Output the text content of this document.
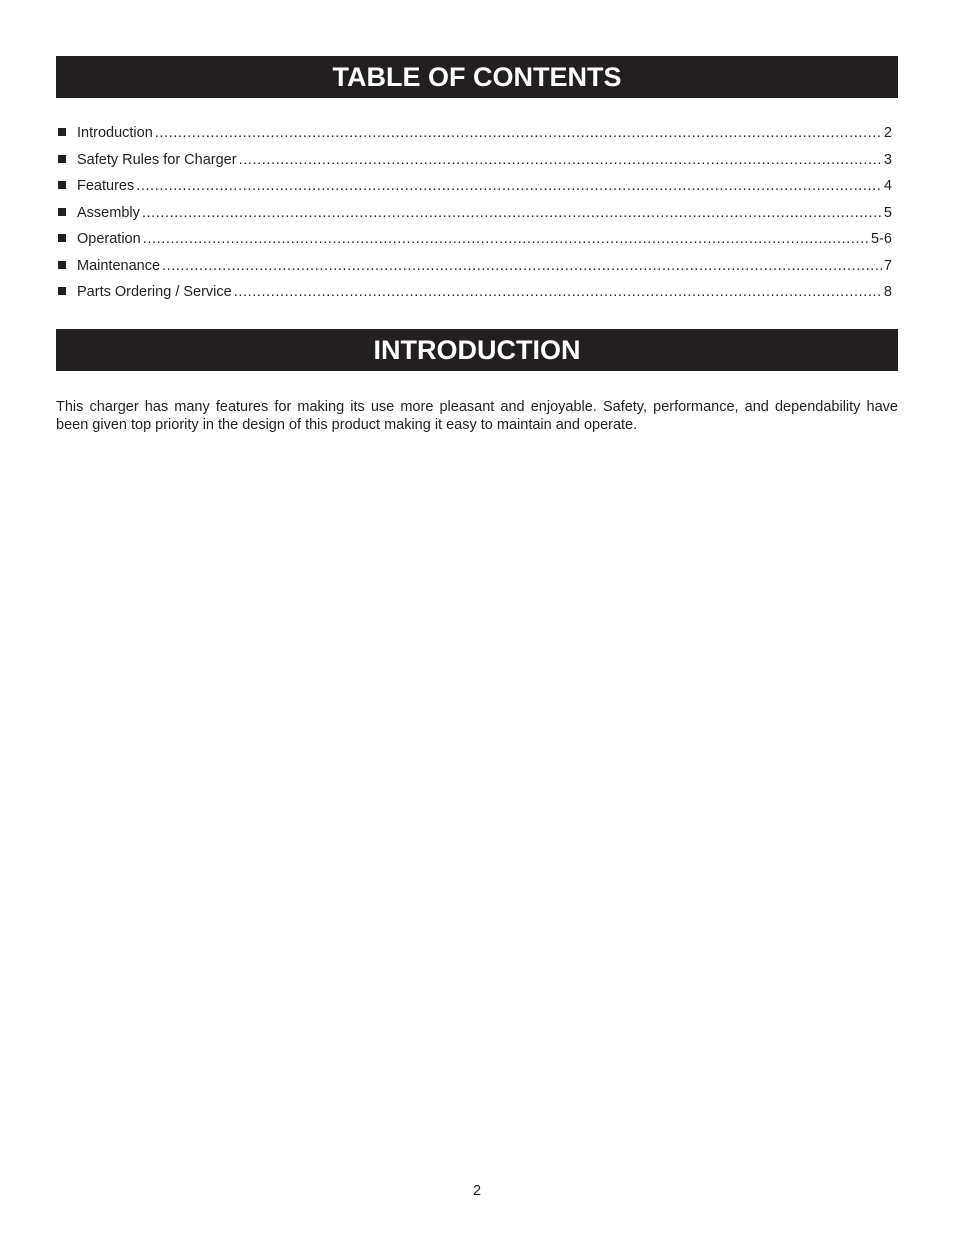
TABLE OF CONTENTS
Introduction .....	2
Safety Rules for Charger .....	3
Features .....	4
Assembly .....	5
Operation .....	5-6
Maintenance .....	7
Parts Ordering / Service .....	8
INTRODUCTION

This charger has many features for making its use more pleasant and enjoyable. Safety, performance, and dependability have been given top priority in the design of this product making it easy to maintain and operate.

2
